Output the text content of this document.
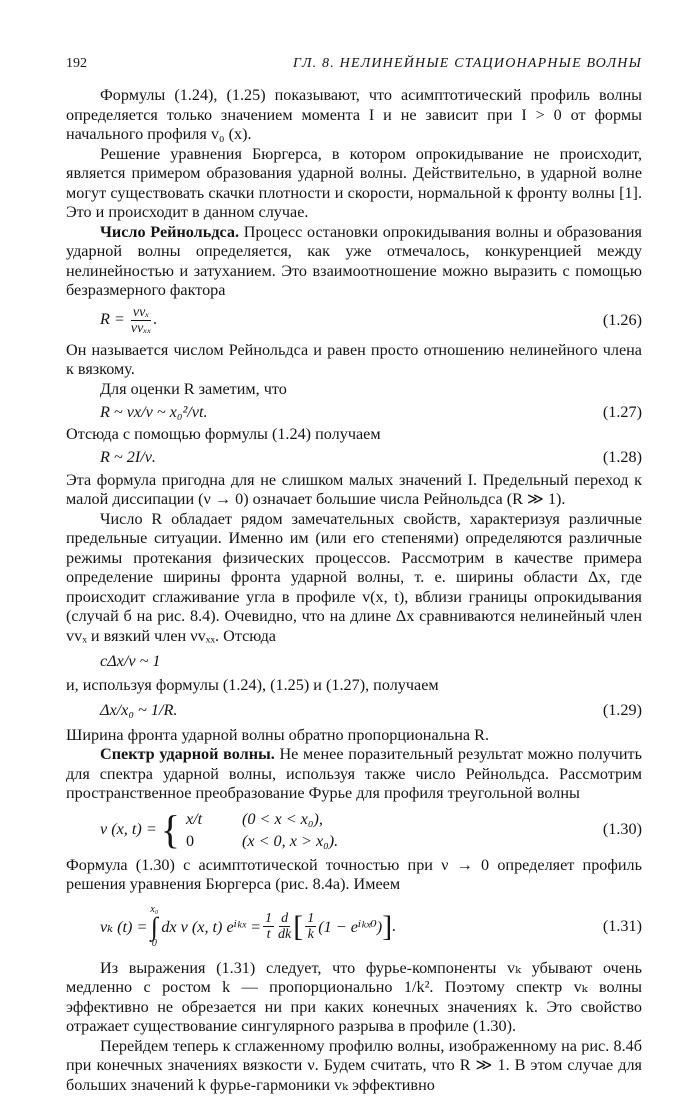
192	ГЛ. 8. НЕЛИНЕЙНЫЕ СТАЦИОНАРНЫЕ ВОЛНЫ

Формулы (1.24), (1.25) показывают, что асимптотический профиль волны определяется только значением момента I и не зависит при I > 0 от формы начального профиля v₀ (x).

Решение уравнения Бюргерса, в котором опрокидывание не происходит, является примером образования ударной волны. Действительно, в ударной волне могут существовать скачки плотности и скорости, нормальной к фронту волны [1]. Это и происходит в данном случае.

Число Рейнольдса. Процесс остановки опрокидывания волны и образования ударной волны определяется, как уже отмечалось, конкуренцией между нелинейностью и затуханием. Это взаимоотношение можно выразить с помощью безразмерного фактора

$R = \frac{\text{vvₓ}}{\text{νvₓₓ}}$ .	(1.26)

Он называется числом Рейнольдса и равен просто отношению нелинейного члена к вязкому.

Для оценки R заметим, что

R ~ vx/ν ~ x₀²/νt.	(1.27)

Отсюда с помощью формулы (1.24) получаем

R ~ 2I/ν.	(1.28)

Эта формула пригодна для не слишком малых значений I. Предельный переход к малой диссипации (ν → 0) означает большие числа Рейнольдса (R ≫ 1).

Число R обладает рядом замечательных свойств, характеризуя различные предельные ситуации. Именно им (или его степенями) определяются различные режимы протекания физических процессов. Рассмотрим в качестве примера определение ширины фронта ударной волны, т. е. ширины области Δx, где происходит сглаживание угла в профиле v(x, t), вблизи границы опрокидывания (случай б на рис. 8.4). Очевидно, что на длине Δx сравниваются нелинейный член vvₓ и вязкий член νvₓₓ. Отсюда

cΔx/ν ~ 1

и, используя формулы (1.24), (1.25) и (1.27), получаем

Δx/x₀ ~ 1/R.	(1.29)

Ширина фронта ударной волны обратно пропорциональна R.

Спектр ударной волны. Не менее поразительный результат можно получить для спектра ударной волны, используя также число Рейнольдса. Рассмотрим пространственное преобразование Фурье для профиля треугольной волны

v (x, t) = { x/t	(0 < x < x₀),
0	(x < 0, x > x₀).
(1.30)

Формула (1.30) с асимптотической точностью при ν → 0 определяет профиль решения уравнения Бюргерса (рис. 8.4а). Имеем

vₖ (t) =
x₀
∫
0
dx v (x, t) eⁱᵏˣ = $\frac{1}{t} \frac{d}{dk}$ [ $\frac{1}{k} (1$ − eⁱᵏˣ⁰) ] .	(1.31)

Из выражения (1.31) следует, что фурье-компоненты vₖ убывают очень медленно с ростом k — пропорционально 1/k². Поэтому спектр vₖ волны эффективно не обрезается ни при каких конечных значениях k. Это свойство отражает существование сингулярного разрыва в профиле (1.30).

Перейдем теперь к сглаженному профилю волны, изображенному на рис. 8.4б при конечных значениях вязкости ν. Будем считать, что R ≫ 1. В этом случае для больших значений k фурье-гармоники vₖ эффективно
